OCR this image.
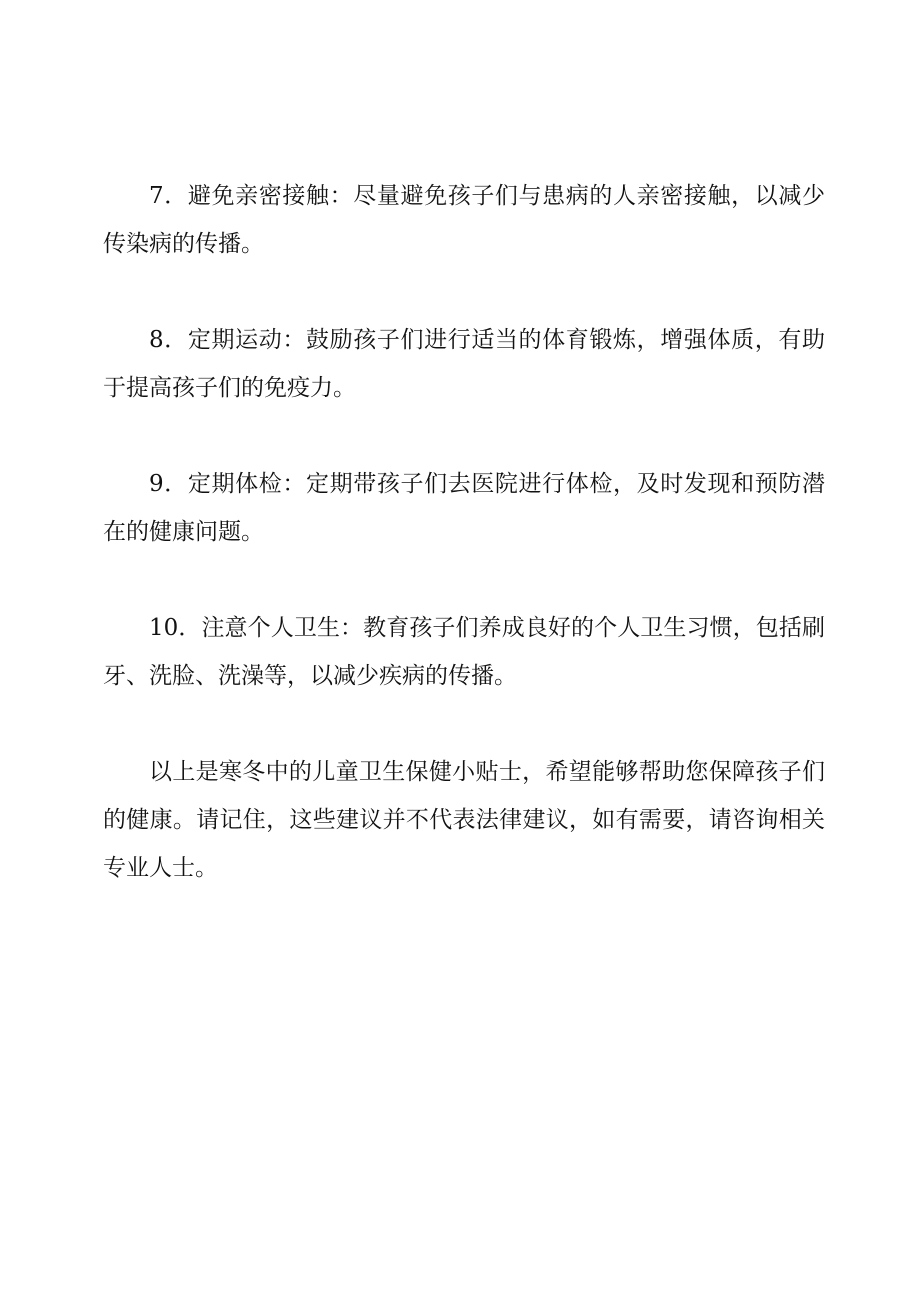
7．避免亲密接触：尽量避免孩子们与患病的人亲密接触，以减少传染病的传播。

8．定期运动：鼓励孩子们进行适当的体育锻炼，增强体质，有助于提高孩子们的免疫力。

9．定期体检：定期带孩子们去医院进行体检，及时发现和预防潜在的健康问题。

10．注意个人卫生：教育孩子们养成良好的个人卫生习惯，包括刷牙、洗脸、洗澡等，以减少疾病的传播。

以上是寒冬中的儿童卫生保健小贴士，希望能够帮助您保障孩子们的健康。请记住，这些建议并不代表法律建议，如有需要，请咨询相关专业人士。
